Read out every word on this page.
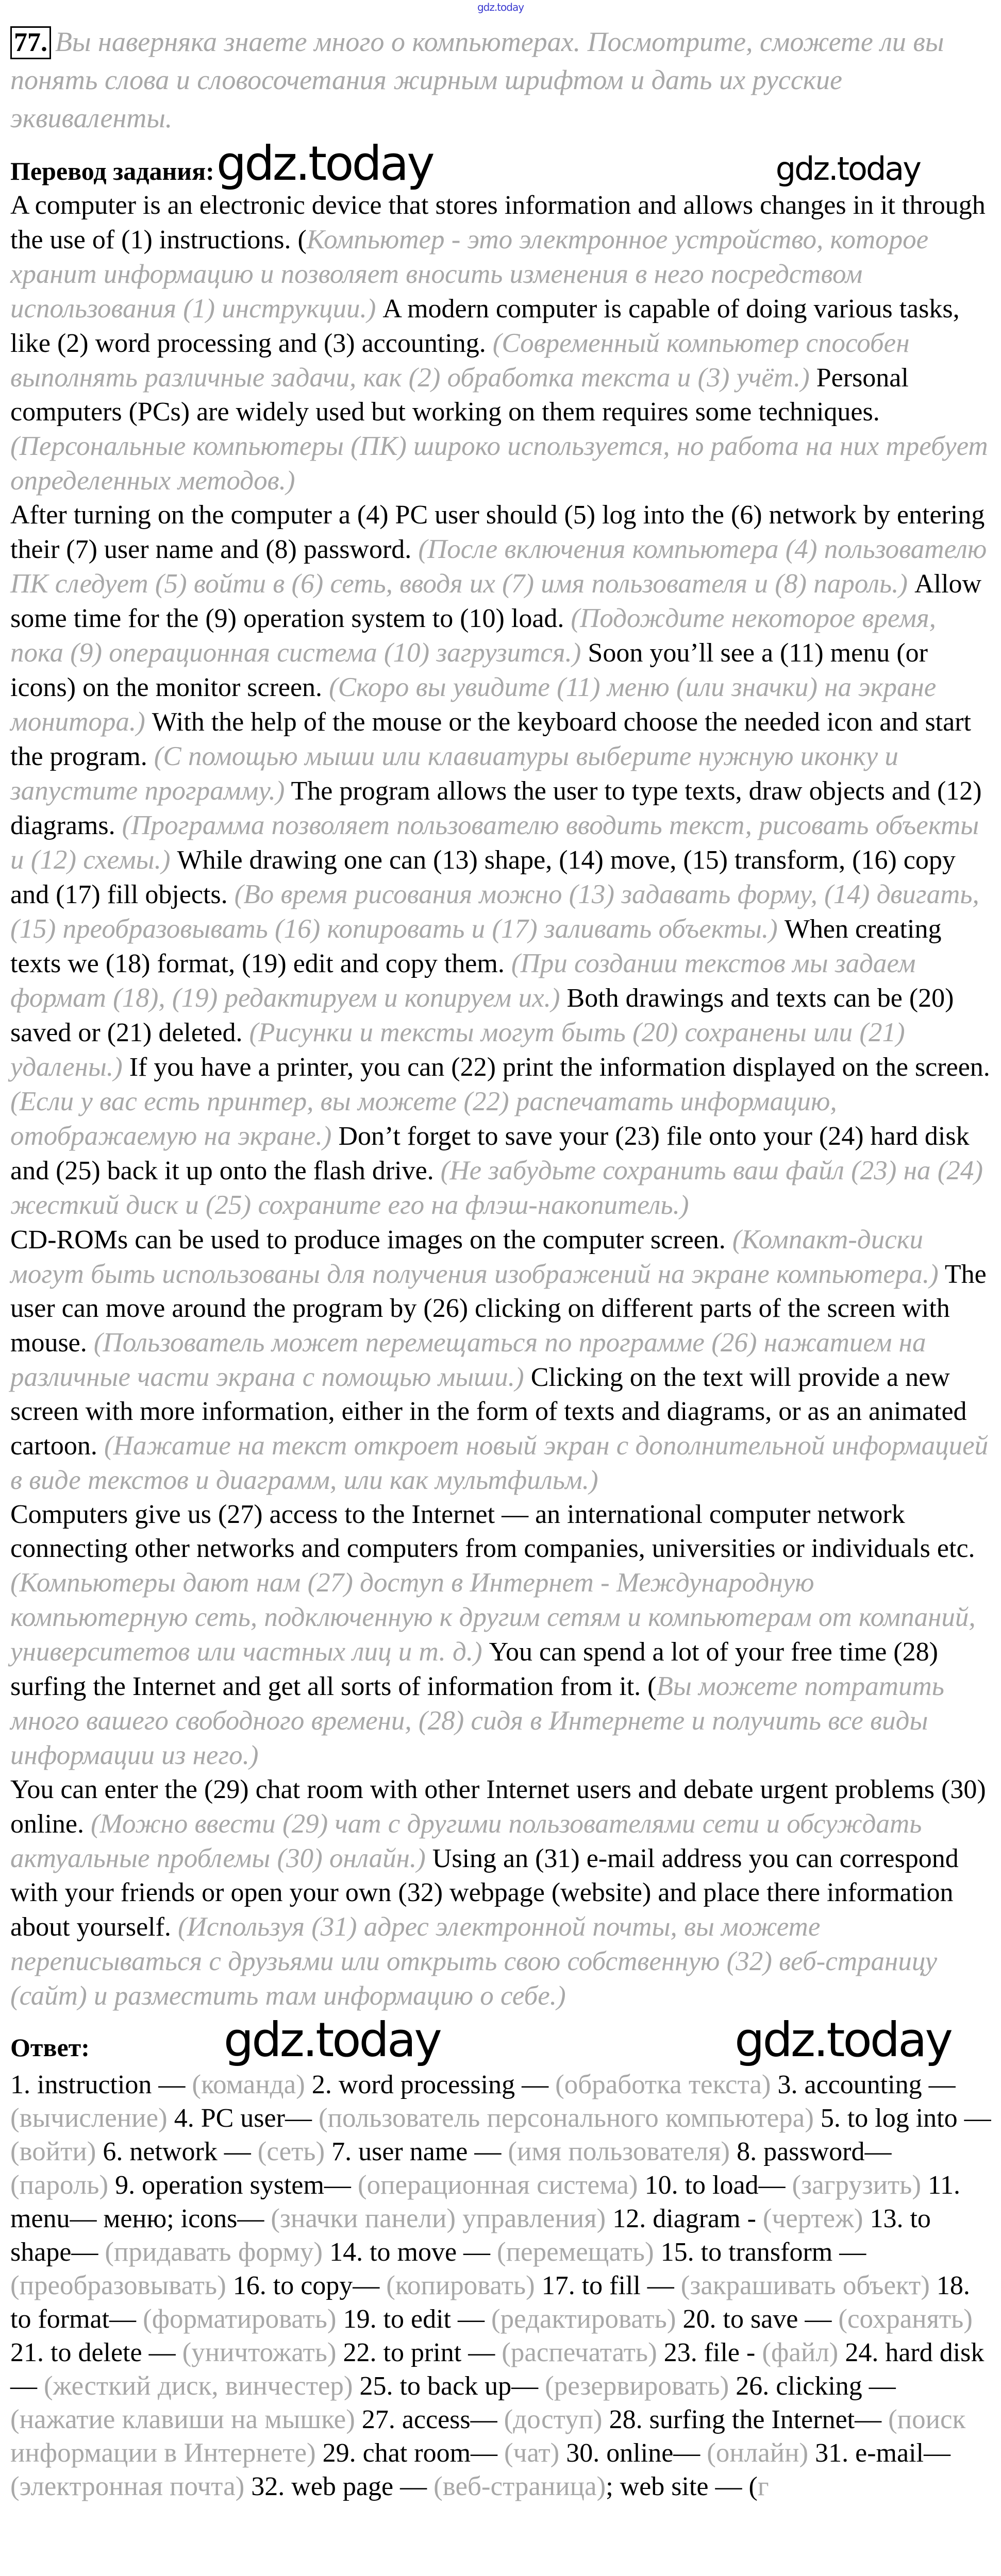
gdz.today
77. Вы наверняка знаете много о компьютерах. Посмотрите, сможете ли вы понять слова и словосочетания жирным шрифтом и дать их русские эквиваленты.
Перевод задания: gdz.today	gdz.today

A computer is an electronic device that stores information and allows changes in it through the use of (1) instructions. (Компьютер - это электронное устройство, которое хранит информацию и позволяет вносить изменения в него посредством использования (1) инструкции.) A modern computer is capable of doing various tasks, like (2) word processing and (3) accounting. (Современный компьютер способен выполнять различные задачи, как (2) обработка текста и (3) учёт.) Personal computers (PCs) are widely used but working on them requires some techniques. (Персональные компьютеры (ПК) широко используется, но работа на них требует определенных методов.)

After turning on the computer a (4) PC user should (5) log into the (6) network by entering their (7) user name and (8) password. (После включения компьютера (4) пользователю ПК следует (5) войти в (6) сеть, вводя их (7) имя пользователя и (8) пароль.) Allow some time for the (9) operation system to (10) load. (Подождите некоторое время, пока (9) операционная система (10) загрузится.) Soon you’ll see a (11) menu (or icons) on the monitor screen. (Скоро вы увидите (11) меню (или значки) на экране монитора.) With the help of the mouse or the keyboard choose the needed icon and start the program. (С помощью мыши или клавиатуры выберите нужную иконку и запустите программу.) The program allows the user to type texts, draw objects and (12) diagrams. (Программа позволяет пользователю вводить текст, рисовать объекты и (12) схемы.) While drawing one can (13) shape, (14) move, (15) transform, (16) copy and (17) fill objects. (Во время рисования можно (13) задавать форму, (14) двигать, (15) преобразовывать (16) копировать и (17) заливать объекты.) When creating texts we (18) format, (19) edit and copy them. (При создании текстов мы задаем формат (18), (19) редактируем и копируем их.) Both drawings and texts can be (20) saved or (21) deleted. (Рисунки и тексты могут быть (20) сохранены или (21) удалены.) If you have a printer, you can (22) print the information displayed on the screen. (Если у вас есть принтер, вы можете (22) распечатать информацию, отображаемую на экране.) Don’t forget to save your (23) file onto your (24) hard disk and (25) back it up onto the flash drive. (Не забудьте сохранить ваш файл (23) на (24) жесткий диск и (25) сохраните его на флэш-накопитель.)

CD-ROMs can be used to produce images on the computer screen. (Компакт-диски могут быть использованы для получения изображений на экране компьютера.) The user can move around the program by (26) clicking on different parts of the screen with mouse. (Пользователь может перемещаться по программе (26) нажатием на различные части экрана с помощью мыши.) Clicking on the text will provide a new screen with more information, either in the form of texts and diagrams, or as an animated cartoon. (Нажатие на текст откроет новый экран с дополнительной информацией в виде текстов и диаграмм, или как мультфильм.)

Computers give us (27) access to the Internet — an international computer network connecting other networks and computers from companies, universities or individuals etc. (Компьютеры дают нам (27) доступ в Интернет - Международную компьютерную сеть, подключенную к другим сетям и компьютерам от компаний, университетов или частных лиц и т. д.) You can spend a lot of your free time (28) surfing the Internet and get all sorts of information from it. (Вы можете потратить много вашего свободного времени, (28) сидя в Интернете и получить все виды информации из него.)

You can enter the (29) chat room with other Internet users and debate urgent problems (30) online. (Можно ввести (29) чат с другими пользователями сети и обсуждать актуальные проблемы (30) онлайн.) Using an (31) e-mail address you can correspond with your friends or open your own (32) webpage (website) and place there information about yourself. (Используя (31) адрес электронной почты, вы можете переписываться с друзьями или открыть свою собственную (32) веб-страницу (сайт) и разместить там информацию о себе.)

Ответ:	gdz.today	gdz.today
1. instruction — (команда) 2. word processing — (обработка текста) 3. accounting — (вычисление) 4. PC user— (пользователь персонального компьютера) 5. to log into — (войти) 6. network — (сеть) 7. user name — (имя пользователя) 8. password— (пароль) 9. operation system— (операционная система) 10. to load— (загрузить) 11. menu— меню; icons— (значки панели) управления) 12. diagram - (чертеж) 13. to shape— (придавать форму) 14. to move — (перемещать) 15. to transform — (преобразовывать) 16. to copy— (копировать) 17. to fill — (закрашивать объект) 18. to format— (форматировать) 19. to edit — (редактировать) 20. to save — (сохранять) 21. to delete — (уничтожать) 22. to print — (распечатать) 23. file - (файл) 24. hard disk — (жесткий диск, винчестер) 25. to back up— (резервировать) 26. clicking — (нажатие клавиши на мышке) 27. access— (доступ) 28. surfing the Internet— (поиск информации в Интернете) 29. chat room— (чат) 30. online— (онлайн) 31. e-mail— (электронная почта) 32. web page — (веб-страница); web site — (г
